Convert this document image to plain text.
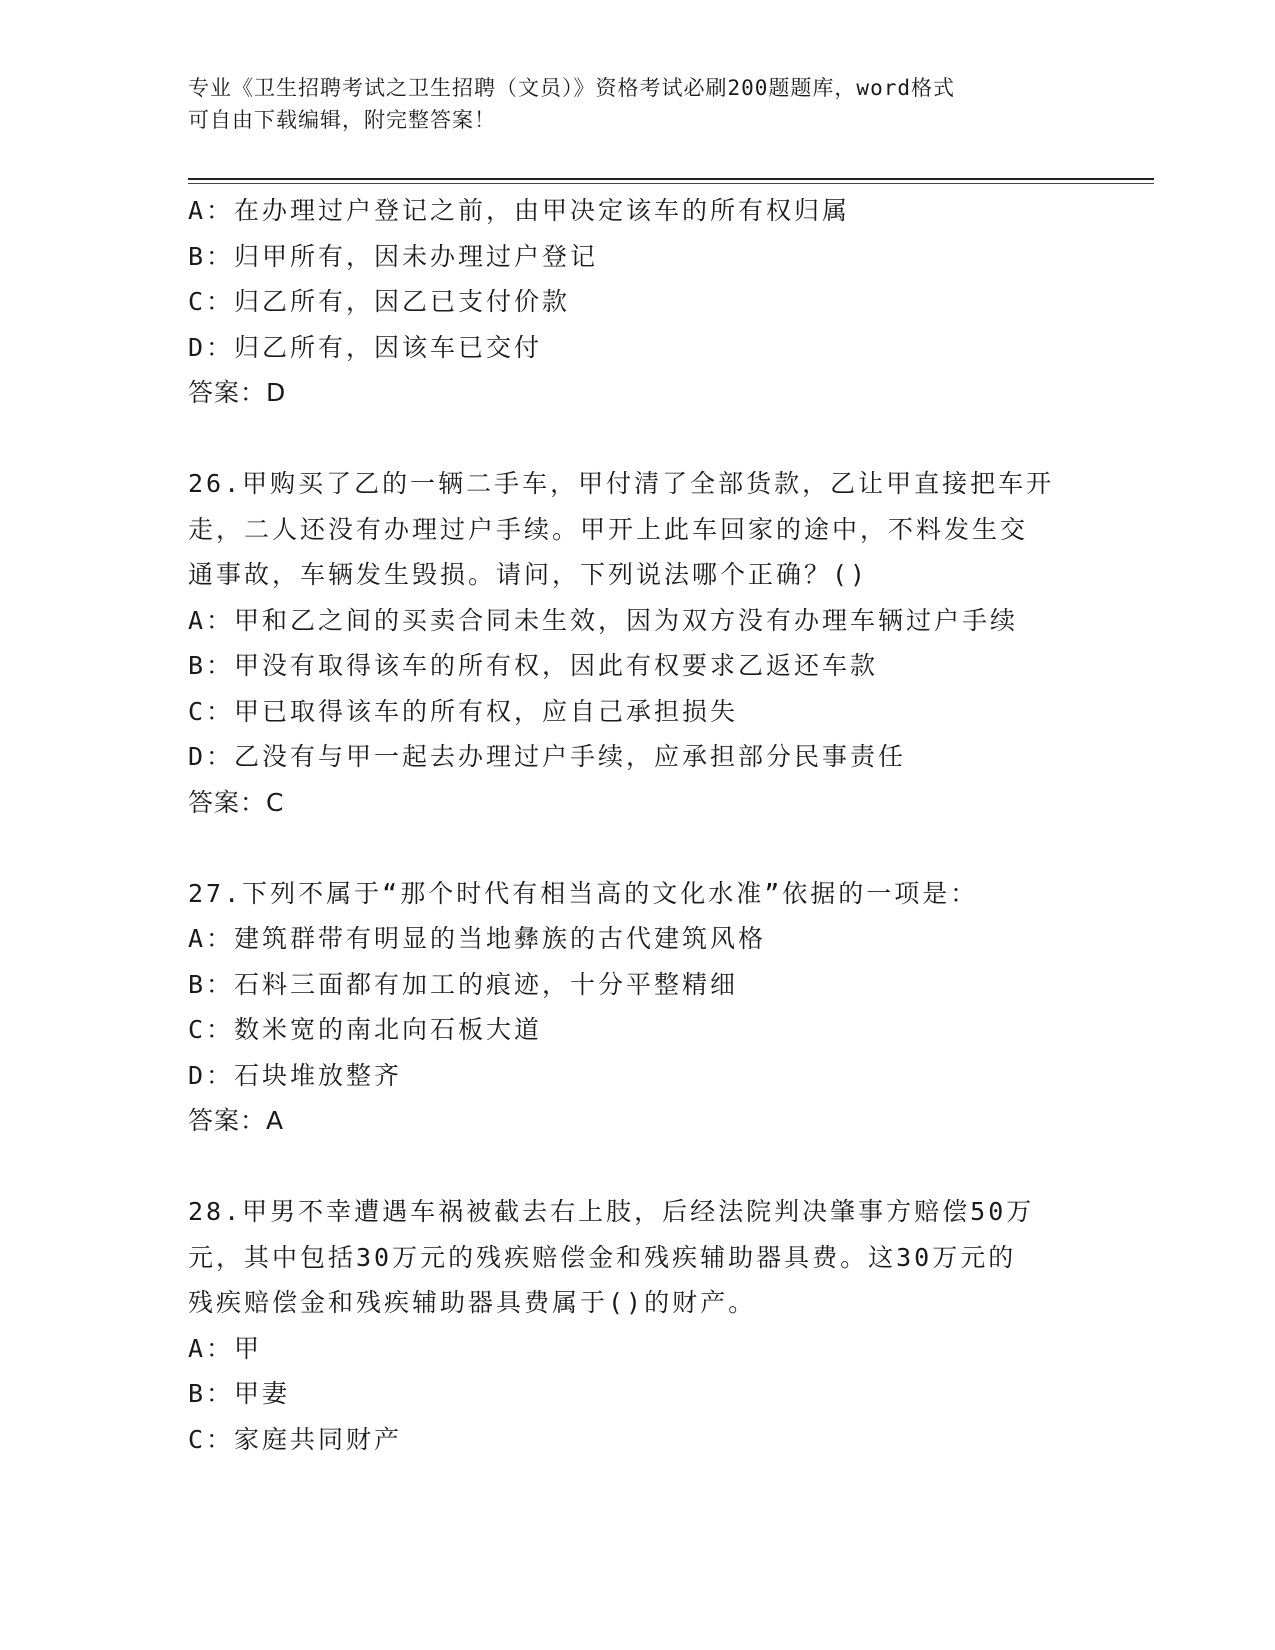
专业《卫生招聘考试之卫生招聘（文员）》资格考试必刷200题题库，word格式
可自由下载编辑，附完整答案！
A：在办理过户登记之前，由甲决定该车的所有权归属
B：归甲所有，因未办理过户登记
C：归乙所有，因乙已支付价款
D：归乙所有，因该车已交付
答案：D
26.甲购买了乙的一辆二手车，甲付清了全部货款，乙让甲直接把车开
走，二人还没有办理过户手续。甲开上此车回家的途中，不料发生交
通事故，车辆发生毁损。请问，下列说法哪个正确？()
A：甲和乙之间的买卖合同未生效，因为双方没有办理车辆过户手续
B：甲没有取得该车的所有权，因此有权要求乙返还车款
C：甲已取得该车的所有权，应自己承担损失
D：乙没有与甲一起去办理过户手续，应承担部分民事责任
答案：C
27.下列不属于“那个时代有相当高的文化水准”依据的一项是：
A：建筑群带有明显的当地彝族的古代建筑风格
B：石料三面都有加工的痕迹，十分平整精细
C：数米宽的南北向石板大道
D：石块堆放整齐
答案：A
28.甲男不幸遭遇车祸被截去右上肢，后经法院判决肇事方赔偿50万
元，其中包括30万元的残疾赔偿金和残疾辅助器具费。这30万元的
残疾赔偿金和残疾辅助器具费属于()的财产。
A：甲
B：甲妻
C：家庭共同财产
